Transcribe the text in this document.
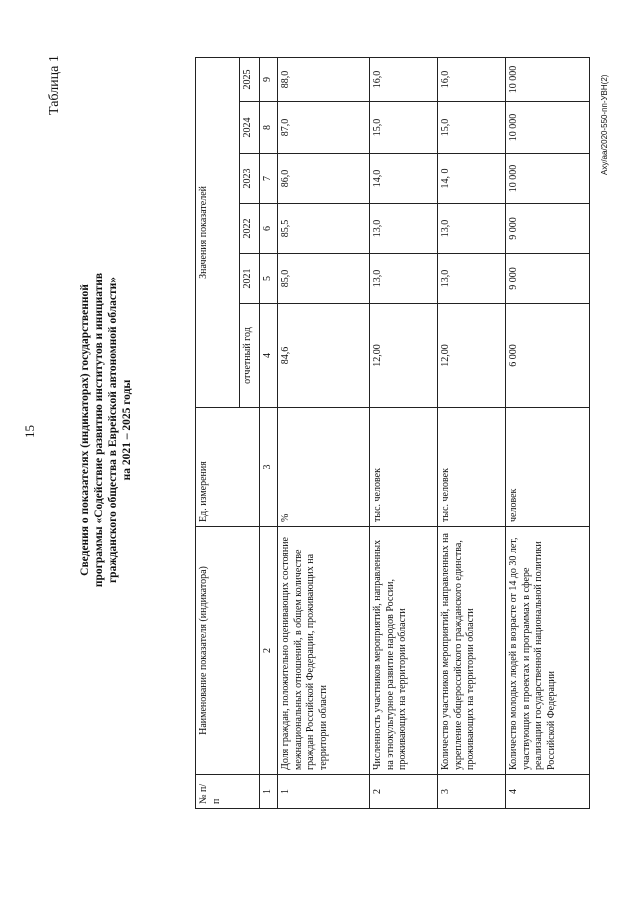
15
Таблица 1
Сведения о показателях (индикаторах) государственной программы «Содействие развитию институтов и инициатив гражданского общества в Еврейской автономной области» на 2021 – 2025 годы
№ п/п	Наименование показателя (индикатора)	Ед. измерения	Значения показателей					
			отчетный год	2021	2022	2023	2024	2025
1	2	3	4	5	6	7	8	9
1	Доля граждан, положительно оценивающих состояние межнациональных отношений, в общем количестве граждан Российской Федерации, проживающих на территории области	%	84,6	85,0	85,5	86,0	87,0	88,0
2	Численность участников мероприятий, направленных на этнокультурное развитие народов России, проживающих на территории области	тыс. человек	12,00	13,0	13,0	14,0	15,0	16,0
3	Количество участников мероприятий, направленных на укрепление общероссийского гражданского единства, проживающих на территории области	тыс. человек	12,00	13,0	13,0	14, 0	15,0	16,0
4	Количество молодых людей в возрасте от 14 до 30 лет, участвующих в проектах и программах в сфере реализации государственной национальной политики Российской Федерации	человек	6 000	9 000	9 000	10 000	10 000	10 000	Аху/аа/2020-550-пп-УВН(2)
